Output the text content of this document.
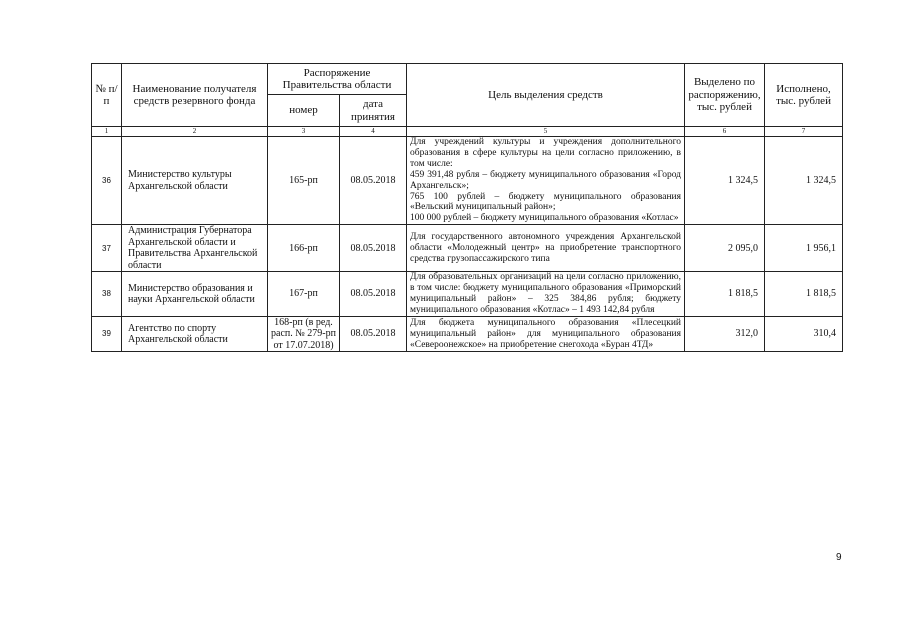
№ п/п	Наименование получателя средств резервного фонда	Распоряжение Правительства области		Цель выделения средств	Выделено по распоряжению, тыс. рублей	Исполнено, тыс. рублей
		номер	дата принятия			
1	2	3	4	5	6	7
36	Министерство культуры Архангельской области	165-рп	08.05.2018	Для учреждений культуры и учреждения дополнительного образования в сфере культуры на цели согласно приложению, в том числе:
459 391,48 рубля – бюджету муниципального образования «Город Архангельск»;
765 100 рублей – бюджету муниципального образования «Вельский муниципальный район»;
100 000 рублей – бюджету муниципального образования «Котлас»	1 324,5	1 324,5
37	Администрация Губернатора Архангельской области и Правительства Архангельской области	166-рп	08.05.2018	Для государственного автономного учреждения Архангельской области «Молодежный центр» на приобретение транспортного средства грузопассажирского типа	2 095,0	1 956,1
38	Министерство образования и науки Архангельской области	167-рп	08.05.2018	Для образовательных организаций на цели согласно приложению, в том числе: бюджету муниципального образования «Приморский муниципальный район» – 325 384,86 рубля; бюджету муниципального образования «Котлас» – 1 493 142,84 рубля	1 818,5	1 818,5
39	Агентство по спорту Архангельской области	168-рп (в ред. расп. № 279-рп от 17.07.2018)	08.05.2018	Для бюджета муниципального образования «Плесецкий муниципальный район» для муниципального образования «Североонежское» на приобретение снегохода «Буран 4ТД»	312,0	310,4
9
